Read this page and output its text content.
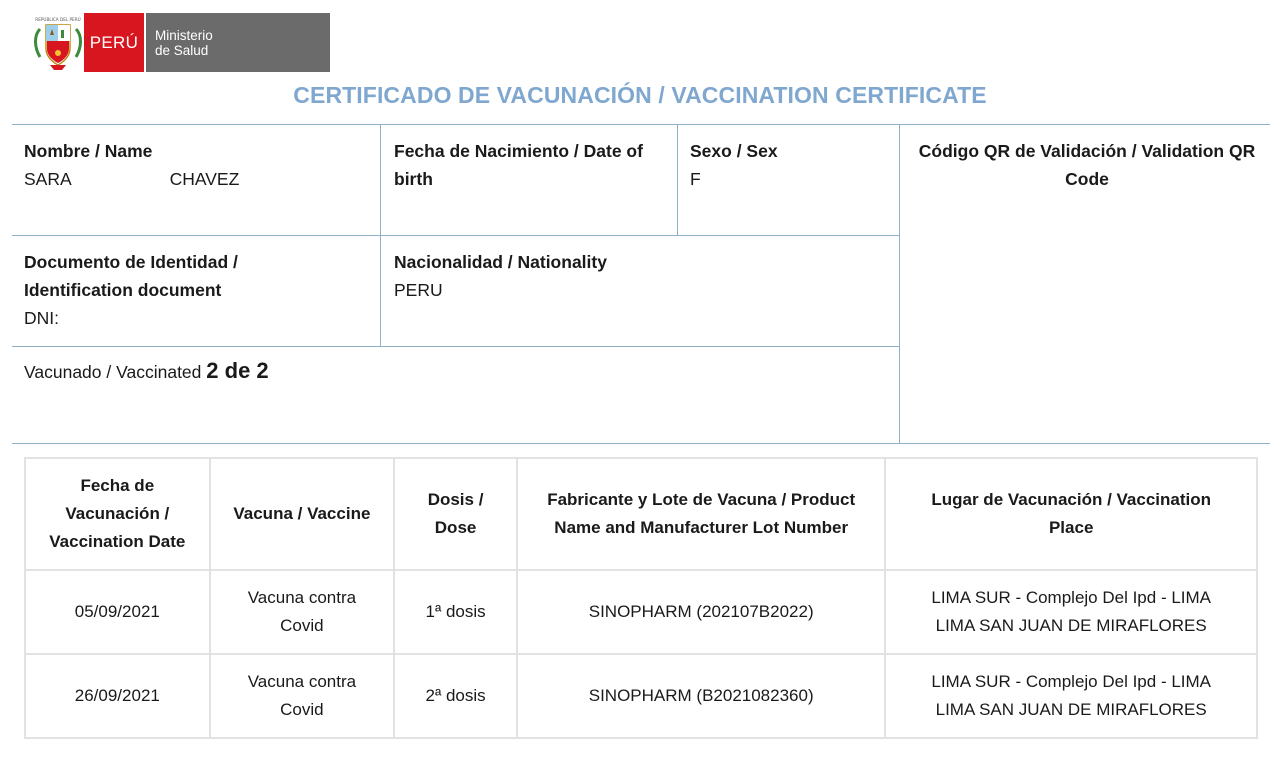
REPÚBLICA DEL PERÚ
PERÚ	Ministerio
de Salud
CERTIFICADO DE VACUNACIÓN / VACCINATION CERTIFICATE
Nombre / Name
SARA	CHAVEZ
Fecha de Nacimiento / Date of birth
Sexo / Sex
F
Código QR de Validación / Validation QR Code
Documento de Identidad /
Identification document
DNI:
Nacionalidad / Nationality
PERU
Vacunado / Vaccinated 2 de 2
Fecha de Vacunación / Vaccination Date	Vacuna / Vaccine	Dosis / Dose	Fabricante y Lote de Vacuna / Product Name and Manufacturer Lot Number	Lugar de Vacunación / Vaccination Place
05/09/2021	Vacuna contra Covid	1ª dosis	SINOPHARM (202107B2022)	LIMA SUR - Complejo Del Ipd - LIMA LIMA SAN JUAN DE MIRAFLORES
26/09/2021	Vacuna contra Covid	2ª dosis	SINOPHARM (B2021082360)	LIMA SUR - Complejo Del Ipd - LIMA LIMA SAN JUAN DE MIRAFLORES
